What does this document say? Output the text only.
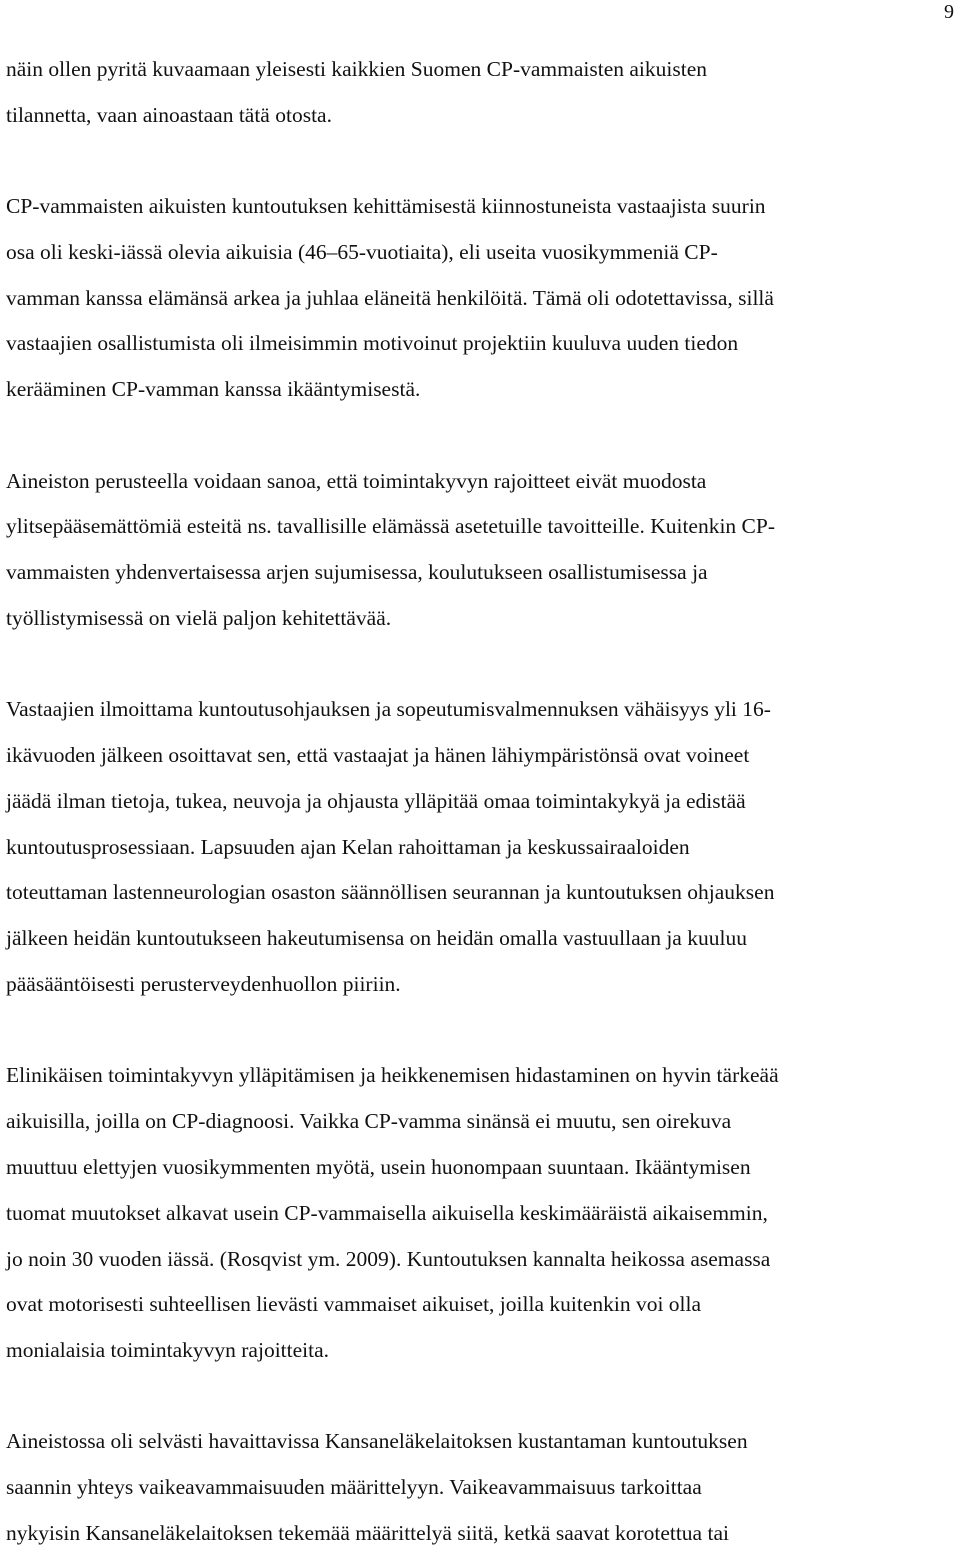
9

näin ollen pyritä kuvaamaan yleisesti kaikkien Suomen CP-vammaisten aikuisten
tilannetta, vaan ainoastaan tätä otosta.

CP-vammaisten aikuisten kuntoutuksen kehittämisestä kiinnostuneista vastaajista suurin
osa oli keski-iässä olevia aikuisia (46–65-vuotiaita), eli useita vuosikymmeniä CP-
vamman kanssa elämänsä arkea ja juhlaa eläneitä henkilöitä. Tämä oli odotettavissa, sillä
vastaajien osallistumista oli ilmeisimmin motivoinut projektiin kuuluva uuden tiedon
kerääminen CP-vamman kanssa ikääntymisestä.

Aineiston perusteella voidaan sanoa, että toimintakyvyn rajoitteet eivät muodosta
ylitsepääsemättömiä esteitä ns. tavallisille elämässä asetetuille tavoitteille. Kuitenkin CP-
vammaisten yhdenvertaisessa arjen sujumisessa, koulutukseen osallistumisessa ja
työllistymisessä on vielä paljon kehitettävää.

Vastaajien ilmoittama kuntoutusohjauksen ja sopeutumisvalmennuksen vähäisyys yli 16-
ikävuoden jälkeen osoittavat sen, että vastaajat ja hänen lähiympäristönsä ovat voineet
jäädä ilman tietoja, tukea, neuvoja ja ohjausta ylläpitää omaa toimintakykyä ja edistää
kuntoutusprosessiaan. Lapsuuden ajan Kelan rahoittaman ja keskussairaaloiden
toteuttaman lastenneurologian osaston säännöllisen seurannan ja kuntoutuksen ohjauksen
jälkeen heidän kuntoutukseen hakeutumisensa on heidän omalla vastuullaan ja kuuluu
pääsääntöisesti perusterveydenhuollon piiriin.

Elinikäisen toimintakyvyn ylläpitämisen ja heikkenemisen hidastaminen on hyvin tärkeää
aikuisilla, joilla on CP-diagnoosi. Vaikka CP-vamma sinänsä ei muutu, sen oirekuva
muuttuu elettyjen vuosikymmenten myötä, usein huonompaan suuntaan. Ikääntymisen
tuomat muutokset alkavat usein CP-vammaisella aikuisella keskimääräistä aikaisemmin,
jo noin 30 vuoden iässä. (Rosqvist ym. 2009). Kuntoutuksen kannalta heikossa asemassa
ovat motorisesti suhteellisen lievästi vammaiset aikuiset, joilla kuitenkin voi olla
monialaisia toimintakyvyn rajoitteita.

Aineistossa oli selvästi havaittavissa Kansaneläkelaitoksen kustantaman kuntoutuksen
saannin yhteys vaikeavammaisuuden määrittelyyn. Vaikeavammaisuus tarkoittaa
nykyisin Kansaneläkelaitoksen tekemää määrittelyä siitä, ketkä saavat korotettua tai
